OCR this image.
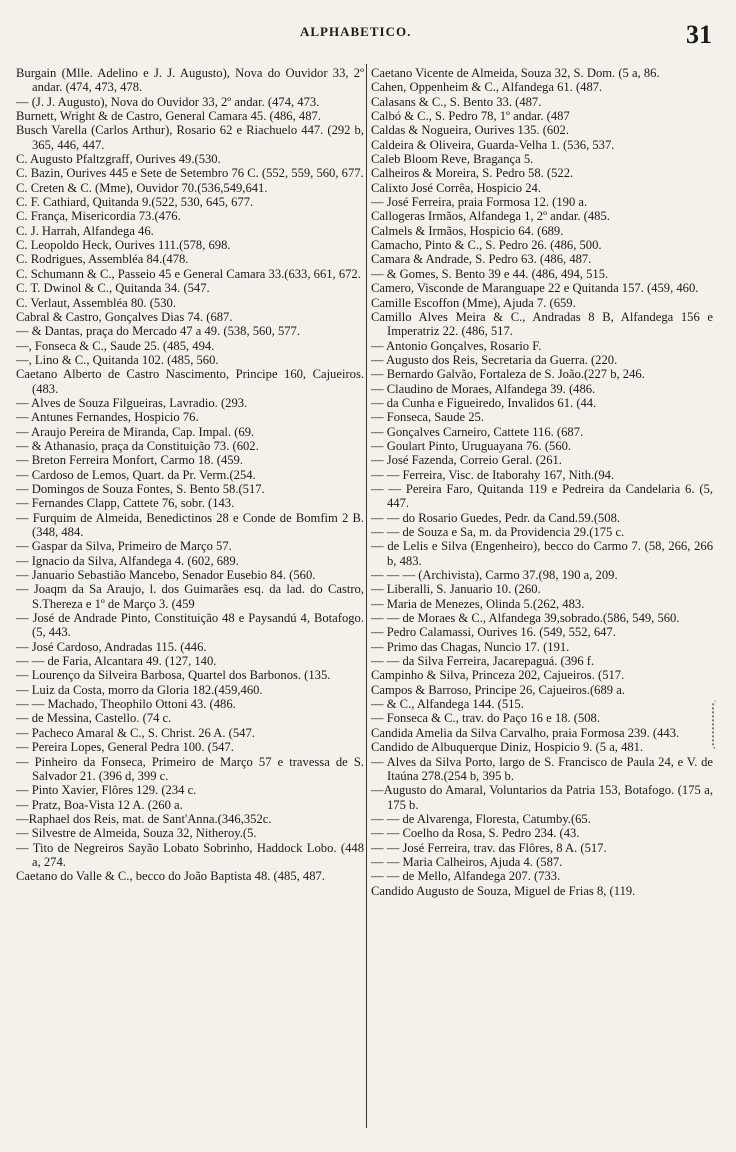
ALPHABETICO.	31

Burgain (Mlle. Adelino e J. J. Augusto), Nova do Ouvidor 33, 2º andar. (474, 473, 478.

— (J. J. Augusto), Nova do Ouvidor 33, 2º andar. (474, 473.

Burnett, Wright & de Castro, General Camara 45. (486, 487.

Busch Varella (Carlos Arthur), Rosario 62 e Riachuelo 447. (292 b, 365, 446, 447.

C. Augusto Pfaltzgraff, Ourives 49.(530.

C. Bazin, Ourives 445 e Sete de Setembro 76 C. (552, 559, 560, 677.

C. Creten & C. (Mme), Ouvidor 70.(536,549,641.

C. F. Cathiard, Quitanda 9.(522, 530, 645, 677.

C. França, Misericordia 73.(476.

C. J. Harrah, Alfandega 46.

C. Leopoldo Heck, Ourives 111.(578, 698.

C. Rodrigues, Assembléa 84.(478.

C. Schumann & C., Passeio 45 e General Camara 33.(633, 661, 672.

C. T. Dwinol & C., Quitanda 34. (547.

C. Verlaut, Assembléa 80. (530.

Cabral & Castro, Gonçalves Dias 74. (687.

— & Dantas, praça do Mercado 47 a 49. (538, 560, 577.

—, Fonseca & C., Saude 25. (485, 494.

—, Lino & C., Quitanda 102. (485, 560.

Caetano Alberto de Castro Nascimento, Principe 160, Cajueiros. (483.

— Alves de Souza Filgueiras, Lavradio. (293.

— Antunes Fernandes, Hospicio 76.

— Araujo Pereira de Miranda, Cap. Impal. (69.

— & Athanasio, praça da Constituição 73. (602.

— Breton Ferreira Monfort, Carmo 18. (459.

— Cardoso de Lemos, Quart. da Pr. Verm.(254.

— Domingos de Souza Fontes, S. Bento 58.(517.

— Fernandes Clapp, Cattete 76, sobr. (143.

— Furquim de Almeida, Benedictinos 28 e Conde de Bomfim 2 B. (348, 484.

— Gaspar da Silva, Primeiro de Março 57.

— Ignacio da Silva, Alfandega 4. (602, 689.

— Januario Sebastião Mancebo, Senador Eusebio 84. (560.

— Joaqm da Sa Araujo, l. dos Guimarães esq. da lad. do Castro, S.Thereza e 1º de Março 3. (459

— José de Andrade Pinto, Constituição 48 e Paysandú 4, Botafogo. (5, 443.

— José Cardoso, Andradas 115. (446.

— — de Faria, Alcantara 49. (127, 140.

— Lourenço da Silveira Barbosa, Quartel dos Barbonos. (135.

— Luiz da Costa, morro da Gloria 182.(459,460.

— — Machado, Theophilo Ottoni 43. (486.

— de Messina, Castello. (74 c.

— Pacheco Amaral & C., S. Christ. 26 A. (547.

— Pereira Lopes, General Pedra 100. (547.

— Pinheiro da Fonseca, Primeiro de Março 57 e travessa de S. Salvador 21. (396 d, 399 c.

— Pinto Xavier, Flôres 129. (234 c.

— Pratz, Boa-Vista 12 A. (260 a.

—Raphael dos Reis, mat. de Sant'Anna.(346,352c.

— Silvestre de Almeida, Souza 32, Nitheroy.(5.

— Tito de Negreiros Sayão Lobato Sobrinho, Haddock Lobo. (448 a, 274.

Caetano do Valle & C., becco do João Baptista 48. (485, 487.

Caetano Vicente de Almeida, Souza 32, S. Dom. (5 a, 86.

Cahen, Oppenheim & C., Alfandega 61. (487.

Calasans & C., S. Bento 33. (487.

Calbó & C., S. Pedro 78, 1º andar. (487

Caldas & Nogueira, Ourives 135. (602.

Caldeira & Oliveira, Guarda-Velha 1. (536, 537.

Caleb Bloom Reve, Bragança 5.

Calheiros & Moreira, S. Pedro 58. (522.

Calixto José Corrêa, Hospicio 24.

— José Ferreira, praia Formosa 12. (190 a.

Callogeras Irmãos, Alfandega 1, 2º andar. (485.

Calmels & Irmãos, Hospicio 64. (689.

Camacho, Pinto & C., S. Pedro 26. (486, 500.

Camara & Andrade, S. Pedro 63. (486, 487.

— & Gomes, S. Bento 39 e 44. (486, 494, 515.

Camero, Visconde de Maranguape 22 e Quitanda 157. (459, 460.

Camille Escoffon (Mme), Ajuda 7. (659.

Camillo Alves Meira & C., Andradas 8 B, Alfandega 156 e Imperatriz 22. (486, 517.

— Antonio Gonçalves, Rosario F.

— Augusto dos Reis, Secretaria da Guerra. (220.

— Bernardo Galvão, Fortaleza de S. João.(227 b, 246.

— Claudino de Moraes, Alfandega 39. (486.

— da Cunha e Figueiredo, Invalidos 61. (44.

— Fonseca, Saude 25.

— Gonçalves Carneiro, Cattete 116. (687.

— Goulart Pinto, Uruguayana 76. (560.

— José Fazenda, Correio Geral. (261.

— — Ferreira, Visc. de Itaborahy 167, Nith.(94.

— — Pereira Faro, Quitanda 119 e Pedreira da Candelaria 6. (5, 447.

— — do Rosario Guedes, Pedr. da Cand.59.(508.

— — de Souza e Sa, m. da Providencia 29.(175 c.

— de Lelis e Silva (Engenheiro), becco do Carmo 7. (58, 266, 266 b, 483.

— — — (Archivista), Carmo 37.(98, 190 a, 209.

— Liberalli, S. Januario 10. (260.

— Maria de Menezes, Olinda 5.(262, 483.

— — de Moraes & C., Alfandega 39,sobrado.(586, 549, 560.

— Pedro Calamassi, Ourives 16. (549, 552, 647.

— Primo das Chagas, Nuncio 17. (191.

— — da Silva Ferreira, Jacarepaguá. (396 f.

Campinho & Silva, Princeza 202, Cajueiros. (517.

Campos & Barroso, Principe 26, Cajueiros.(689 a.

— & C., Alfandega 144. (515.

— Fonseca & C., trav. do Paço 16 e 18. (508.

Candida Amelia da Silva Carvalho, praia Formosa 239. (443.

Candido de Albuquerque Diniz, Hospicio 9. (5 a, 481.

— Alves da Silva Porto, largo de S. Francisco de Paula 24, e V. de Itaúna 278.(254 b, 395 b.

—Augusto do Amaral, Voluntarios da Patria 153, Botafogo. (175 a, 175 b.

— — de Alvarenga, Floresta, Catumby.(65.

— — Coelho da Rosa, S. Pedro 234. (43.

— — José Ferreira, trav. das Flôres, 8 A. (517.

— — Maria Calheiros, Ajuda 4. (587.

— — de Mello, Alfandega 207. (733.

Candido Augusto de Souza, Miguel de Frias 8, (119.
